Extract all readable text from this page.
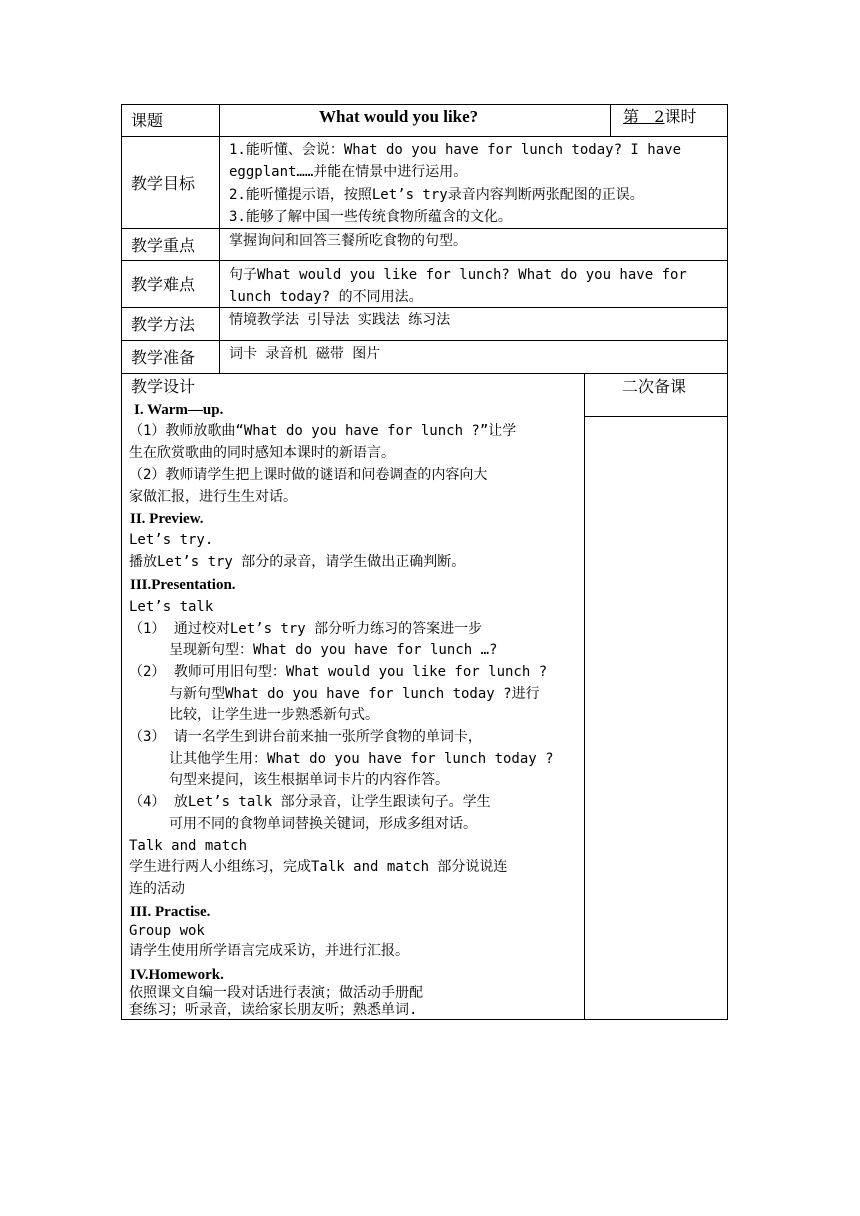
课题	What would you like?	第 2课时
教学目标
1.能听懂、会说：What do you have for lunch today? I have
eggplant……并能在情景中进行运用。
2.能听懂提示语，按照Let’s try录音内容判断两张配图的正误。
3.能够了解中国一些传统食物所蕴含的文化。
教学重点 掌握询问和回答三餐所吃食物的句型。
教学难点 句子What would you like for lunch? What do you have for
lunch today? 的不同用法。
教学方法 情境教学法 引导法 实践法 练习法
教学准备 词卡 录音机 磁带 图片
教学设计	二次备课
I. Warm—up.
（1）教师放歌曲“What do you have for lunch ?”让学
生在欣赏歌曲的同时感知本课时的新语言。
（2）教师请学生把上课时做的谜语和问卷调查的内容向大
家做汇报，进行生生对话。
II. Preview.
Let’s try.
播放Let’s try 部分的录音，请学生做出正确判断。
III.Presentation.
Let’s talk
（1） 通过校对Let’s try 部分听力练习的答案进一步
呈现新句型：What do you have for lunch …?
（2） 教师可用旧句型：What would you like for lunch ?
与新句型What do you have for lunch today ?进行
比较，让学生进一步熟悉新句式。
（3） 请一名学生到讲台前来抽一张所学食物的单词卡，
让其他学生用：What do you have for lunch today ?
句型来提问，该生根据单词卡片的内容作答。
（4） 放Let’s talk 部分录音，让学生跟读句子。学生
可用不同的食物单词替换关键词，形成多组对话。
Talk and match
学生进行两人小组练习，完成Talk and match 部分说说连
连的活动
III. Practise.
Group wok
请学生使用所学语言完成采访，并进行汇报。
IV.Homework.
依照课文自编一段对话进行表演；做活动手册配
套练习；听录音，读给家长朋友听；熟悉单词.
